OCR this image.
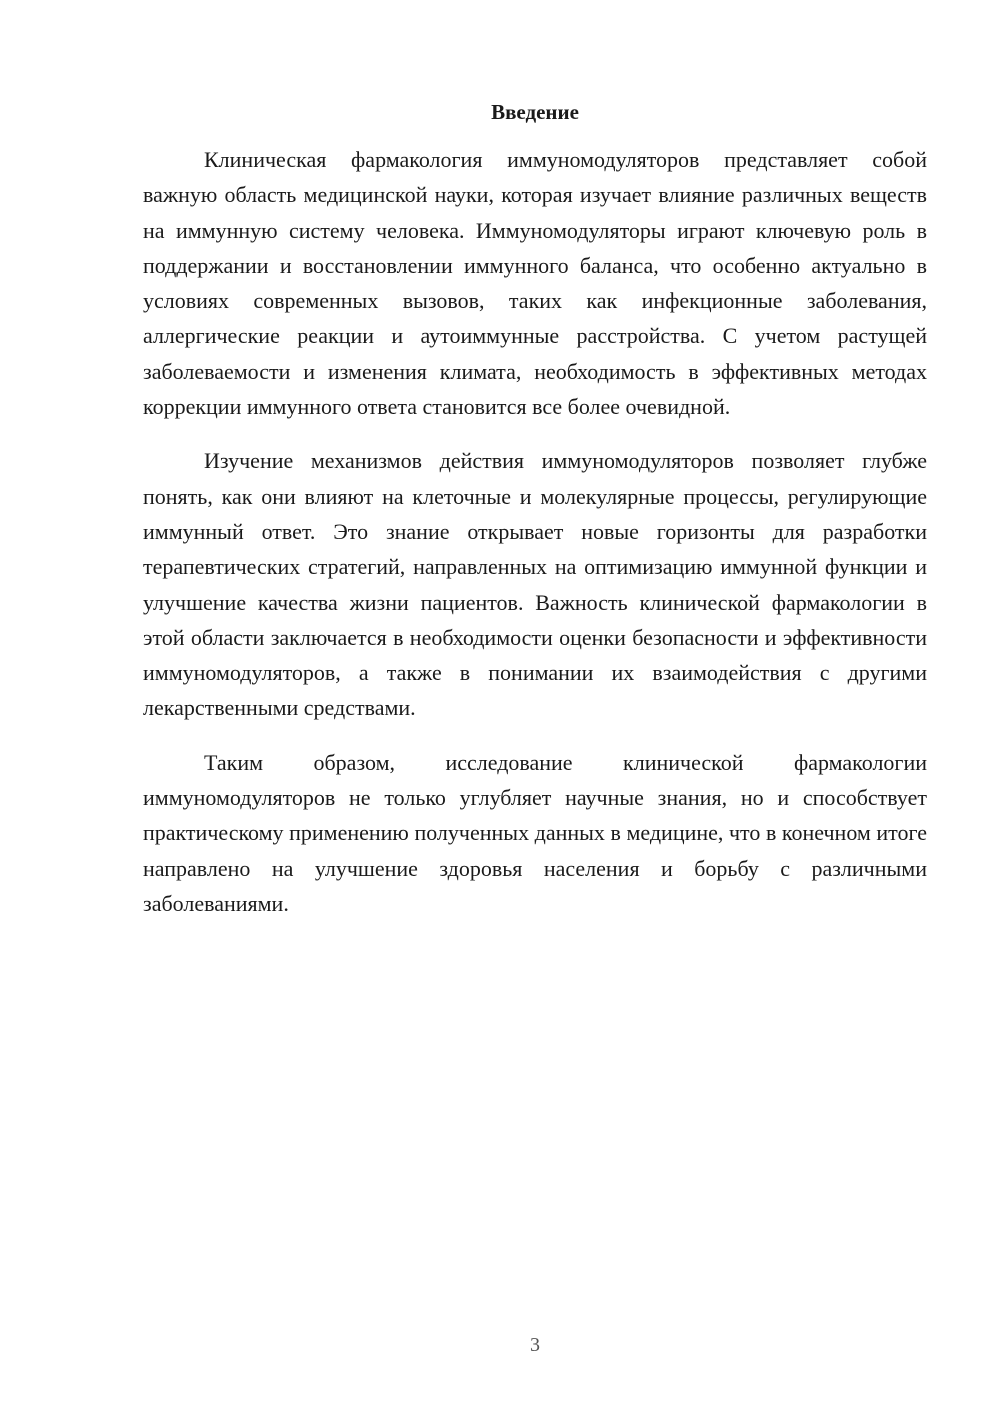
Введение

Клиническая фармакология иммуномодуляторов представляет собой важную область медицинской науки, которая изучает влияние различных веществ на иммунную систему человека. Иммуномодуляторы играют ключевую роль в поддержании и восстановлении иммунного баланса, что особенно актуально в условиях современных вызовов, таких как инфекционные заболевания, аллергические реакции и аутоиммунные расстройства. С учетом растущей заболеваемости и изменения климата, необходимость в эффективных методах коррекции иммунного ответа становится все более очевидной.

Изучение механизмов действия иммуномодуляторов позволяет глубже понять, как они влияют на клеточные и молекулярные процессы, регулирующие иммунный ответ. Это знание открывает новые горизонты для разработки терапевтических стратегий, направленных на оптимизацию иммунной функции и улучшение качества жизни пациентов. Важность клинической фармакологии в этой области заключается в необходимости оценки безопасности и эффективности иммуномодуляторов, а также в понимании их взаимодействия с другими лекарственными средствами.

Таким образом, исследование клинической фармакологии иммуномодуляторов не только углубляет научные знания, но и способствует практическому применению полученных данных в медицине, что в конечном итоге направлено на улучшение здоровья населения и борьбу с различными заболеваниями.

3
